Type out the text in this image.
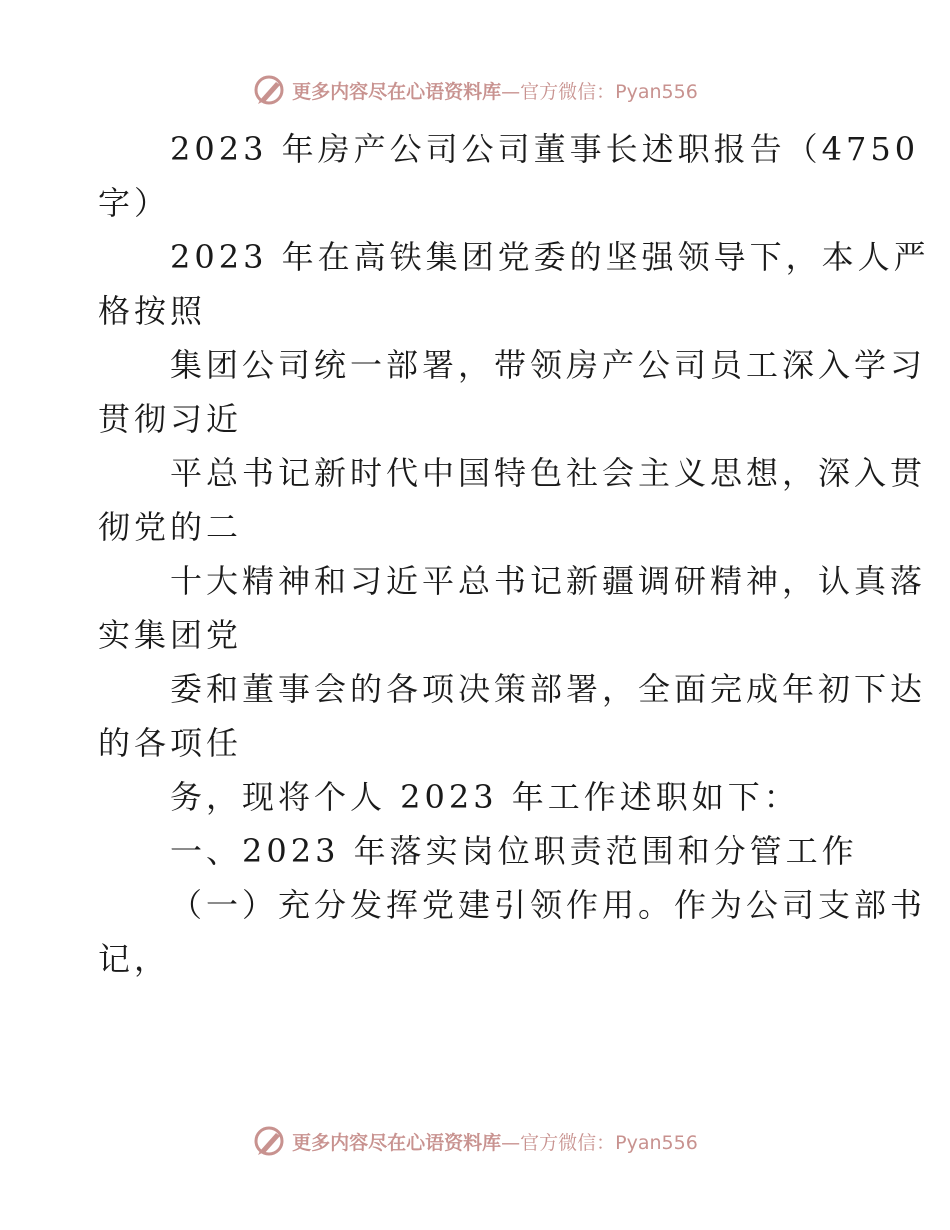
更多内容尽在心语资料库 —官方微信：Pyan556
2023 年房产公司公司董事长述职报告（4750
字）
2023 年在高铁集团党委的坚强领导下，本人严
格按照
集团公司统一部署，带领房产公司员工深入学习
贯彻习近
平总书记新时代中国特色社会主义思想，深入贯
彻党的二
十大精神和习近平总书记新疆调研精神，认真落
实集团党
委和董事会的各项决策部署，全面完成年初下达
的各项任
务，现将个人 2023 年工作述职如下：
一、2023 年落实岗位职责范围和分管工作
（一）充分发挥党建引领作用。作为公司支部书
记，
更多内容尽在心语资料库 —官方微信：Pyan556
